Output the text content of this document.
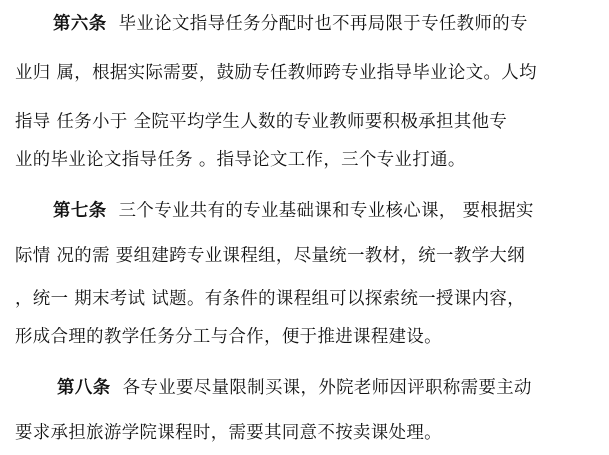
第六条 毕业论文指导任务分配时也不再局限于专任教师的专
业归 属，根据实际需要，鼓励专任教师跨专业指导毕业论文。人均
指导 任务小于 全院平均学生人数的专业教师要积极承担其他专
业的毕业论文指导任务 。指导论文工作，三个专业打通。
第七条 三个专业共有的专业基础课和专业核心课， 要根据实
际情 况的需 要组建跨专业课程组，尽量统一教材，统一教学大纲
，统一 期末考试 试题。有条件的课程组可以探索统一授课内容，
形成合理的教学任务分工与合作，便于推进课程建设。
第八条 各专业要尽量限制买课，外院老师因评职称需要主动
要求承担旅游学院课程时，需要其同意不按卖课处理。
